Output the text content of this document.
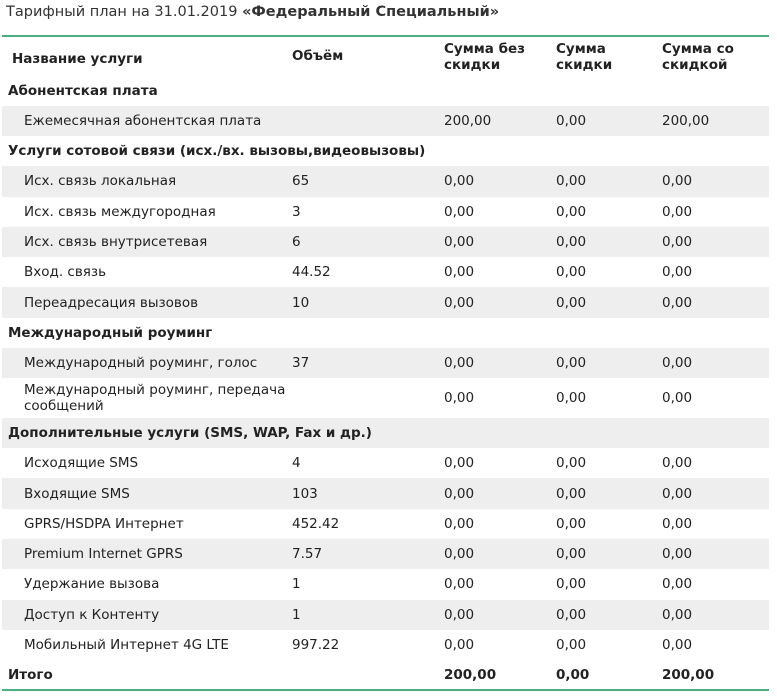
Тарифный план на 31.01.2019 «Федеральный Специальный»
Название услуги	Объём	Сумма без скидки	Сумма скидки	Сумма со скидкой
Абонентская плата				
Ежемесячная абонентская плата		200,00	0,00	200,00
Услуги сотовой связи (исх./вх. вызовы,видеовызовы)				
Исх. связь локальная	65	0,00	0,00	0,00
Исх. связь междугородная	3	0,00	0,00	0,00
Исх. связь внутрисетевая	6	0,00	0,00	0,00
Вход. связь	44.52	0,00	0,00	0,00
Переадресация вызовов	10	0,00	0,00	0,00
Международный роуминг				
Международный роуминг, голос	37	0,00	0,00	0,00
Международный роуминг, передача сообщений		0,00	0,00	0,00
Дополнительные услуги (SMS, WAP, Fax и др.)				
Исходящие SMS	4	0,00	0,00	0,00
Входящие SMS	103	0,00	0,00	0,00
GPRS/HSDPA Интернет	452.42	0,00	0,00	0,00
Premium Internet GPRS	7.57	0,00	0,00	0,00
Удержание вызова	1	0,00	0,00	0,00
Доступ к Контенту	1	0,00	0,00	0,00
Мобильный Интернет 4G LTE	997.22	0,00	0,00	0,00
Итого		200,00	0,00	200,00
